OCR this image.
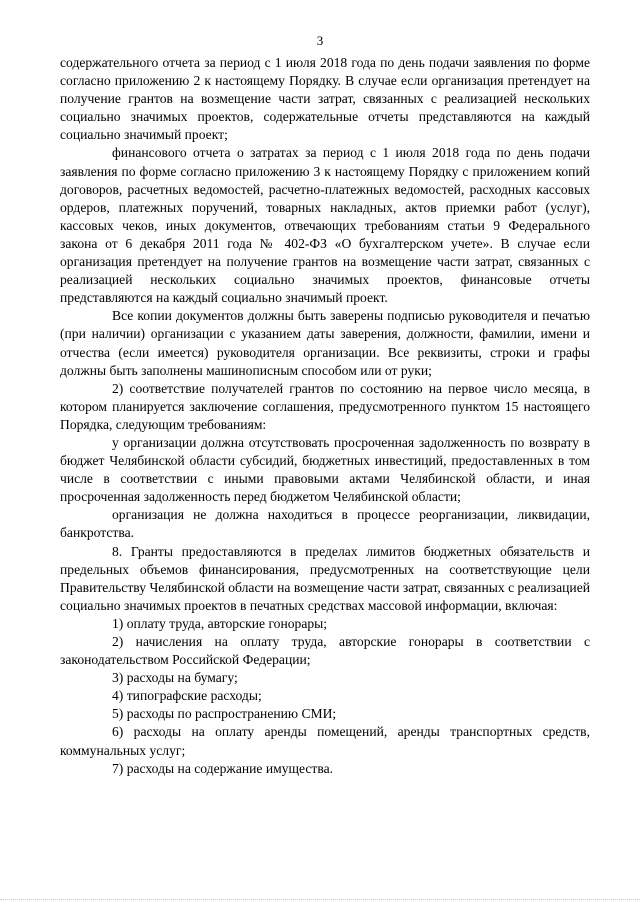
3

содержательного отчета за период с 1 июля 2018 года по день подачи заявления по форме согласно приложению 2 к настоящему Порядку. В случае если организация претендует на получение грантов на возмещение части затрат, связанных с реализацией нескольких социально значимых проектов, содержательные отчеты представляются на каждый социально значимый проект;

финансового отчета о затратах за период с 1 июля 2018 года по день подачи заявления по форме согласно приложению 3 к настоящему Порядку с приложением копий договоров, расчетных ведомостей, расчетно-платежных ведомостей, расходных кассовых ордеров, платежных поручений, товарных накладных, актов приемки работ (услуг), кассовых чеков, иных документов, отвечающих требованиям статьи 9 Федерального закона от 6 декабря 2011 года № 402-ФЗ «О бухгалтерском учете». В случае если организация претендует на получение грантов на возмещение части затрат, связанных с реализацией нескольких социально значимых проектов, финансовые отчеты представляются на каждый социально значимый проект.

Все копии документов должны быть заверены подписью руководителя и печатью (при наличии) организации с указанием даты заверения, должности, фамилии, имени и отчества (если имеется) руководителя организации. Все реквизиты, строки и графы должны быть заполнены машинописным способом или от руки;

2) соответствие получателей грантов по состоянию на первое число месяца, в котором планируется заключение соглашения, предусмотренного пунктом 15 настоящего Порядка, следующим требованиям:

у организации должна отсутствовать просроченная задолженность по возврату в бюджет Челябинской области субсидий, бюджетных инвестиций, предоставленных в том числе в соответствии с иными правовыми актами Челябинской области, и иная просроченная задолженность перед бюджетом Челябинской области;

организация не должна находиться в процессе реорганизации, ликвидации, банкротства.

8. Гранты предоставляются в пределах лимитов бюджетных обязательств и предельных объемов финансирования, предусмотренных на соответствующие цели Правительству Челябинской области на возмещение части затрат, связанных с реализацией социально значимых проектов в печатных средствах массовой информации, включая:

1) оплату труда, авторские гонорары;

2) начисления на оплату труда, авторские гонорары в соответствии с законодательством Российской Федерации;

3) расходы на бумагу;

4) типографские расходы;

5) расходы по распространению СМИ;

6) расходы на оплату аренды помещений, аренды транспортных средств, коммунальных услуг;

7) расходы на содержание имущества.
